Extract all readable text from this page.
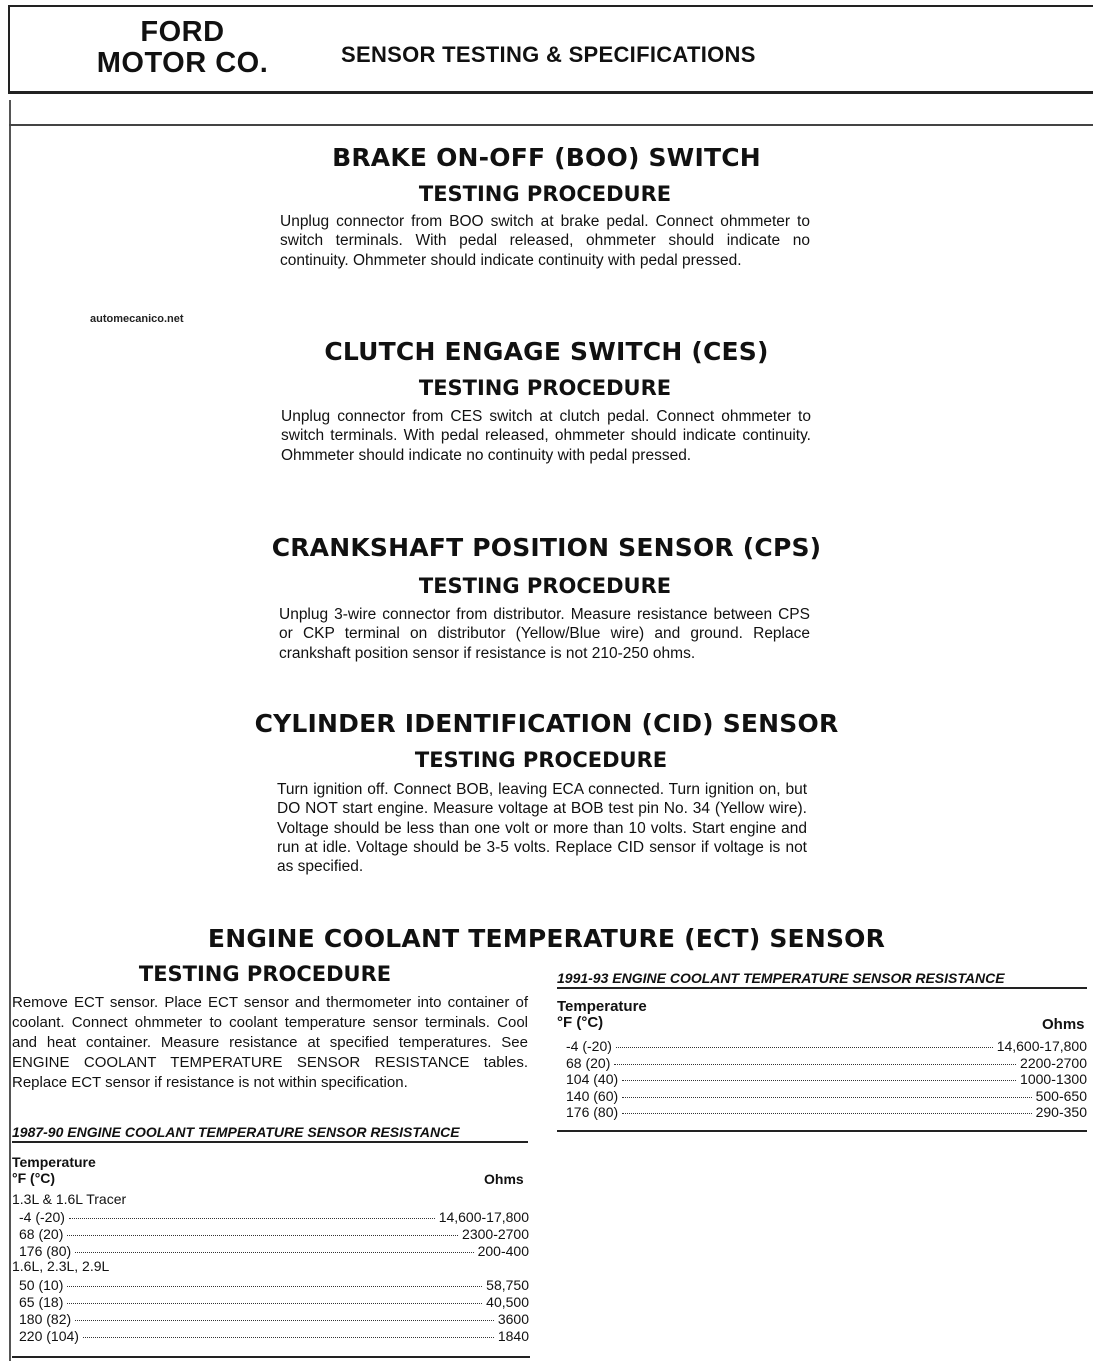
FORD
MOTOR CO.	SENSOR TESTING & SPECIFICATIONS
automecanico.net
BRAKE ON-OFF (BOO) SWITCH
TESTING PROCEDURE

Unplug connector from BOO switch at brake pedal. Connect ohmmeter to switch terminals. With pedal released, ohmmeter should indicate no continuity. Ohmmeter should indicate continuity with pedal pressed.

CLUTCH ENGAGE SWITCH (CES)
TESTING PROCEDURE

Unplug connector from CES switch at clutch pedal. Connect ohmmeter to switch terminals. With pedal released, ohmmeter should indicate continuity. Ohmmeter should indicate no continuity with pedal pressed.

CRANKSHAFT POSITION SENSOR (CPS)
TESTING PROCEDURE

Unplug 3-wire connector from distributor. Measure resistance between CPS or CKP terminal on distributor (Yellow/Blue wire) and ground. Replace crankshaft position sensor if resistance is not 210-250 ohms.

CYLINDER IDENTIFICATION (CID) SENSOR
TESTING PROCEDURE

Turn ignition off. Connect BOB, leaving ECA connected. Turn ignition on, but DO NOT start engine. Measure voltage at BOB test pin No. 34 (Yellow wire). Voltage should be less than one volt or more than 10 volts. Start engine and run at idle. Voltage should be 3-5 volts. Replace CID sensor if voltage is not as specified.

ENGINE COOLANT TEMPERATURE (ECT) SENSOR
TESTING PROCEDURE

Remove ECT sensor. Place ECT sensor and thermometer into container of coolant. Connect ohmmeter to coolant temperature sensor terminals. Cool and heat container. Measure resistance at specified temperatures. See ENGINE COOLANT TEMPERATURE SENSOR RESISTANCE tables. Replace ECT sensor if resistance is not within specification.

1987-90 ENGINE COOLANT TEMPERATURE SENSOR RESISTANCE
Temperature
°F (°C)	Ohms
1.3L & 1.6L Tracer
-4 (-20)	14,600-17,800
68 (20)	2300-2700
176 (80)	200-400
1.6L, 2.3L, 2.9L
50 (10)	58,750
65 (18)	40,500
180 (82)	3600
220 (104)	1840
1991-93 ENGINE COOLANT TEMPERATURE SENSOR RESISTANCE
Temperature
°F (°C)	Ohms
-4 (-20)	14,600-17,800
68 (20)	2200-2700
104 (40)	1000-1300
140 (60)	500-650
176 (80)	290-350
